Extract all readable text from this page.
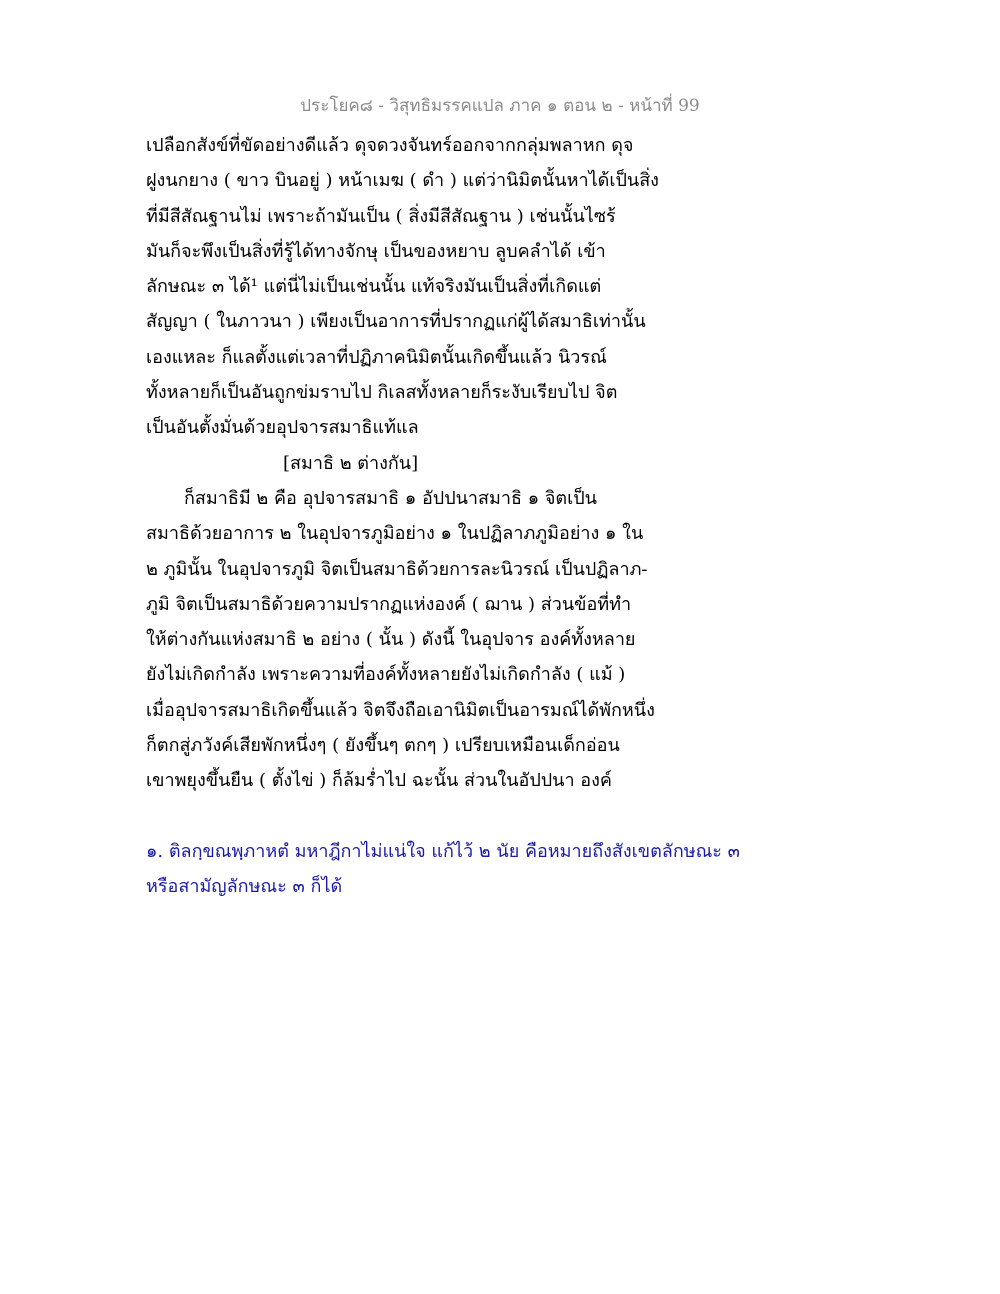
ประโยค๘ - วิสุทธิมรรคแปล ภาค ๑ ตอน ๒ - หน้าที่ 99
เปลือกสังข์ที่ขัดอย่างดีแล้ว ดุจดวงจันทร์ออกจากกลุ่มพลาหก ดุจ
ฝูงนกยาง ( ขาว บินอยู่ ) หน้าเมฆ ( ดำ ) แต่ว่านิมิตนั้นหาได้เป็นสิ่ง
ที่มีสีสัณฐานไม่ เพราะถ้ามันเป็น ( สิ่งมีสีสัณฐาน ) เช่นนั้นไซร้
มันก็จะพึงเป็นสิ่งที่รู้ได้ทางจักษุ เป็นของหยาบ ลูบคลำได้ เข้า
ลักษณะ ๓ ได้¹ แต่นี่ไม่เป็นเช่นนั้น แท้จริงมันเป็นสิ่งที่เกิดแต่
สัญญา ( ในภาวนา ) เพียงเป็นอาการที่ปรากฏแก่ผู้ได้สมาธิเท่านั้น
เองแหละ ก็แลตั้งแต่เวลาที่ปฏิภาคนิมิตนั้นเกิดขึ้นแล้ว นิวรณ์
ทั้งหลายก็เป็นอันถูกข่มราบไป กิเลสทั้งหลายก็ระงับเรียบไป จิต
เป็นอันตั้งมั่นด้วยอุปจารสมาธิแท้แล
[สมาธิ ๒ ต่างกัน]
ก็สมาธิมี ๒ คือ อุปจารสมาธิ ๑ อัปปนาสมาธิ ๑ จิตเป็น
สมาธิด้วยอาการ ๒ ในอุปจารภูมิอย่าง ๑ ในปฏิลาภภูมิอย่าง ๑ ใน
๒ ภูมินั้น ในอุปจารภูมิ จิตเป็นสมาธิด้วยการละนิวรณ์ เป็นปฏิลาภ-
ภูมิ จิตเป็นสมาธิด้วยความปรากฏแห่งองค์ ( ฌาน ) ส่วนข้อที่ทำ
ให้ต่างกันแห่งสมาธิ ๒ อย่าง ( นั้น ) ดังนี้ ในอุปจาร องค์ทั้งหลาย
ยังไม่เกิดกำลัง เพราะความที่องค์ทั้งหลายยังไม่เกิดกำลัง ( แม้ )
เมื่ออุปจารสมาธิเกิดขึ้นแล้ว จิตจึงถือเอานิมิตเป็นอารมณ์ได้พักหนึ่ง
ก็ตกสู่ภวังค์เสียพักหนึ่งๆ ( ยังขึ้นๆ ตกๆ ) เปรียบเหมือนเด็กอ่อน
เขาพยุงขึ้นยืน ( ตั้งไข่ ) ก็ล้มร่ำไป ฉะนั้น ส่วนในอัปปนา องค์
๑. ติลกฺขณพฺภาหตํ มหาฎีกาไม่แน่ใจ แก้ไว้ ๒ นัย คือหมายถึงสังเขตลักษณะ ๓
หรือสามัญลักษณะ ๓ ก็ได้
